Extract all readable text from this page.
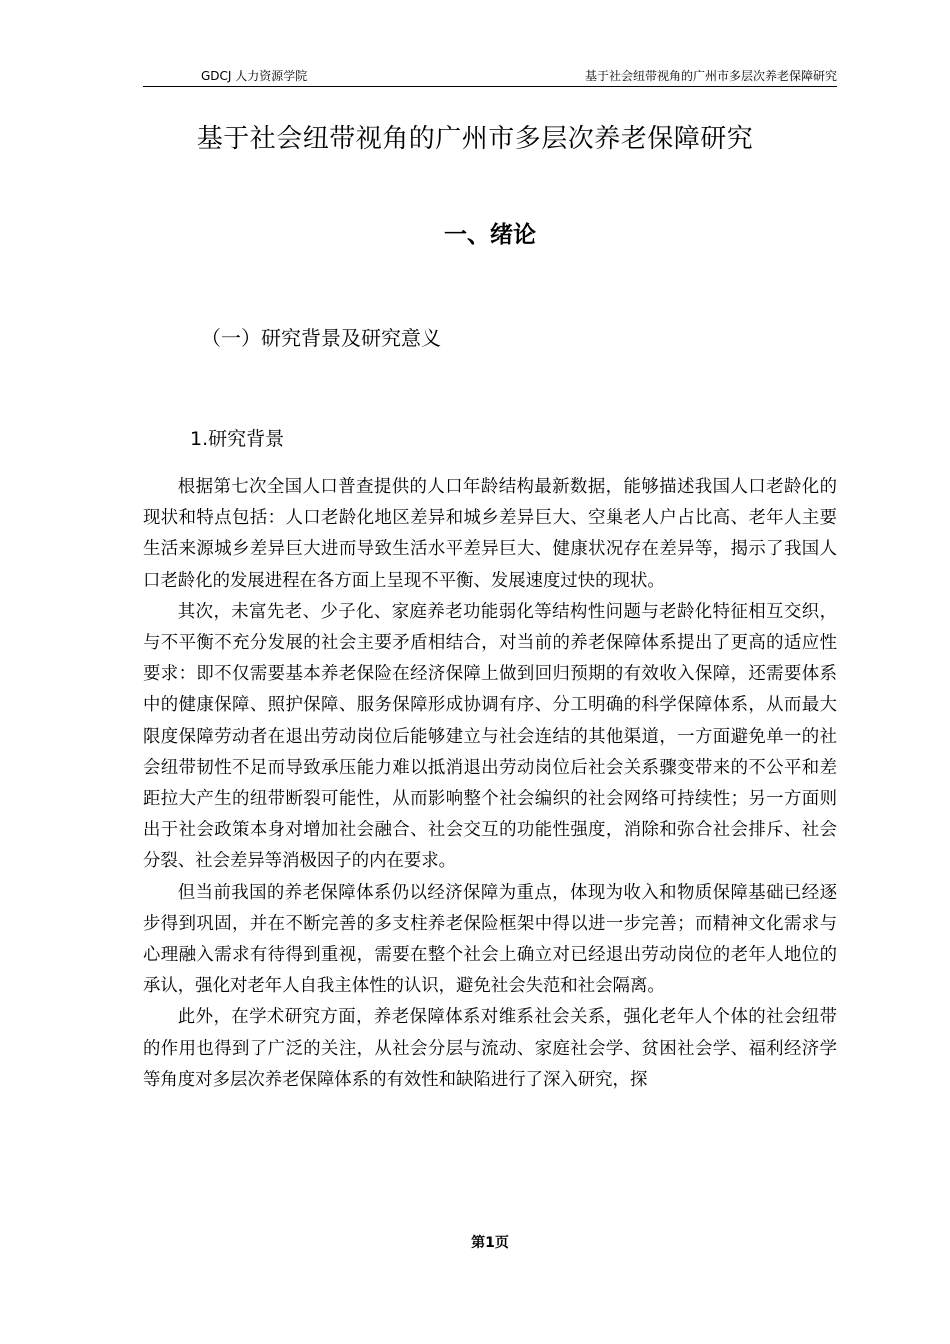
GDCJ 人力资源学院	基于社会纽带视角的广州市多层次养老保障研究
基于社会纽带视角的广州市多层次养老保障研究
一、绪论
（一）研究背景及研究意义
1.研究背景

根据第七次全国人口普查提供的人口年龄结构最新数据，能够描述我国人口老龄化的现状和特点包括：人口老龄化地区差异和城乡差异巨大、空巢老人户占比高、老年人主要生活来源城乡差异巨大进而导致生活水平差异巨大、健康状况存在差异等，揭示了我国人口老龄化的发展进程在各方面上呈现不平衡、发展速度过快的现状。

其次，未富先老、少子化、家庭养老功能弱化等结构性问题与老龄化特征相互交织，与不平衡不充分发展的社会主要矛盾相结合，对当前的养老保障体系提出了更高的适应性要求：即不仅需要基本养老保险在经济保障上做到回归预期的有效收入保障，还需要体系中的健康保障、照护保障、服务保障形成协调有序、分工明确的科学保障体系，从而最大限度保障劳动者在退出劳动岗位后能够建立与社会连结的其他渠道，一方面避免单一的社会纽带韧性不足而导致承压能力难以抵消退出劳动岗位后社会关系骤变带来的不公平和差距拉大产生的纽带断裂可能性，从而影响整个社会编织的社会网络可持续性；另一方面则出于社会政策本身对增加社会融合、社会交互的功能性强度，消除和弥合社会排斥、社会分裂、社会差异等消极因子的内在要求。

但当前我国的养老保障体系仍以经济保障为重点，体现为收入和物质保障基础已经逐步得到巩固，并在不断完善的多支柱养老保险框架中得以进一步完善；而精神文化需求与心理融入需求有待得到重视，需要在整个社会上确立对已经退出劳动岗位的老年人地位的承认，强化对老年人自我主体性的认识，避免社会失范和社会隔离。

此外，在学术研究方面，养老保障体系对维系社会关系，强化老年人个体的社会纽带的作用也得到了广泛的关注，从社会分层与流动、家庭社会学、贫困社会学、福利经济学等角度对多层次养老保障体系的有效性和缺陷进行了深入研究，探

第1页
